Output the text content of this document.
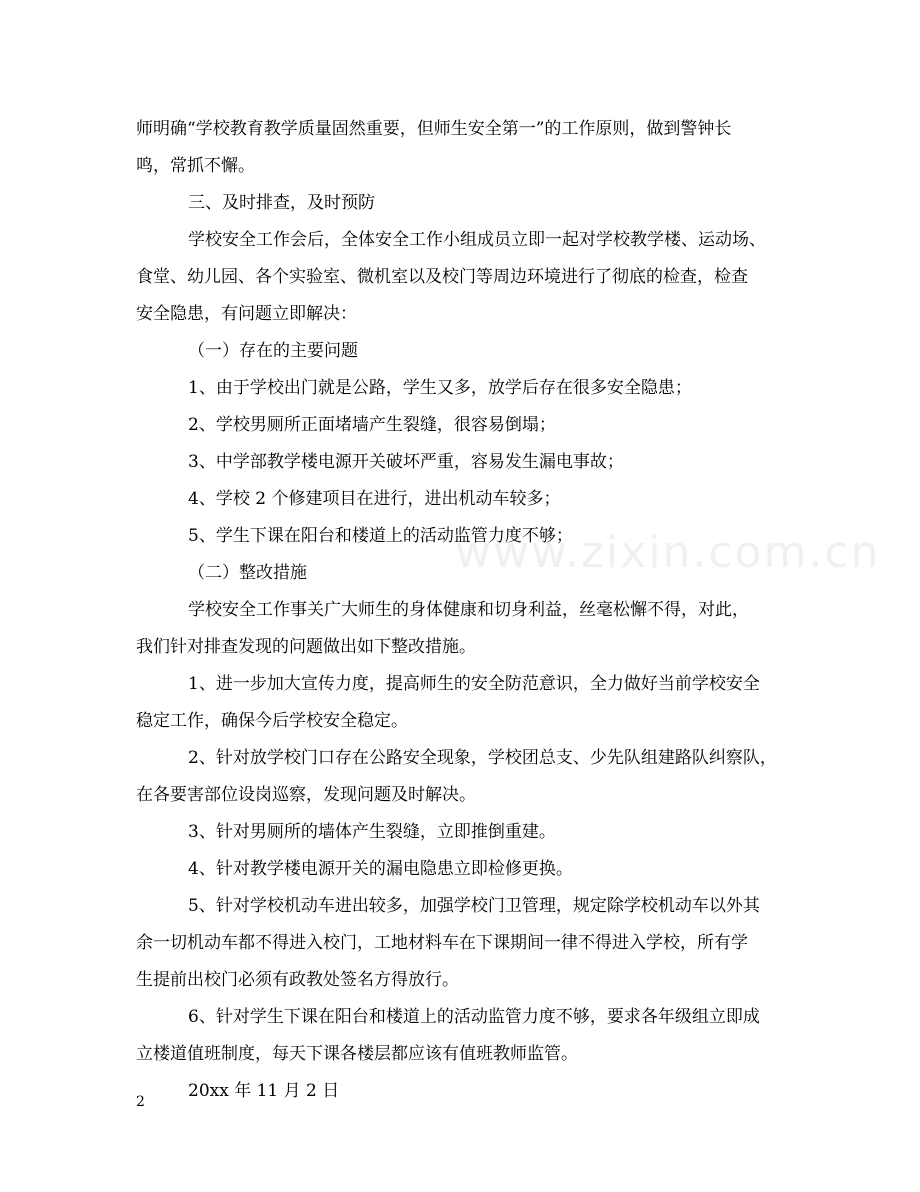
www.zixin.com.cn
师明确“学校教育教学质量固然重要，但师生安全第一”的工作原则，做到警钟长
鸣，常抓不懈。
三、及时排查，及时预防
学校安全工作会后，全体安全工作小组成员立即一起对学校教学楼、运动场、
食堂、幼儿园、各个实验室、微机室以及校门等周边环境进行了彻底的检查，检查
安全隐患，有问题立即解决：
（一）存在的主要问题
1、由于学校出门就是公路，学生又多，放学后存在很多安全隐患；
2、学校男厕所正面堵墙产生裂缝，很容易倒塌；
3、中学部教学楼电源开关破坏严重，容易发生漏电事故；
4、学校 2 个修建项目在进行，进出机动车较多；
5、学生下课在阳台和楼道上的活动监管力度不够；
（二）整改措施
学校安全工作事关广大师生的身体健康和切身利益，丝毫松懈不得，对此，
我们针对排查发现的问题做出如下整改措施。
1、进一步加大宣传力度，提高师生的安全防范意识，全力做好当前学校安全
稳定工作，确保今后学校安全稳定。
2、针对放学校门口存在公路安全现象，学校团总支、少先队组建路队纠察队，
在各要害部位设岗巡察，发现问题及时解决。
3、针对男厕所的墙体产生裂缝，立即推倒重建。
4、针对教学楼电源开关的漏电隐患立即检修更换。
5、针对学校机动车进出较多，加强学校门卫管理，规定除学校机动车以外其
余一切机动车都不得进入校门，工地材料车在下课期间一律不得进入学校，所有学
生提前出校门必须有政教处签名方得放行。
6、针对学生下课在阳台和楼道上的活动监管力度不够，要求各年级组立即成
立楼道值班制度，每天下课各楼层都应该有值班教师监管。
20xx 年 11 月 2 日
2
